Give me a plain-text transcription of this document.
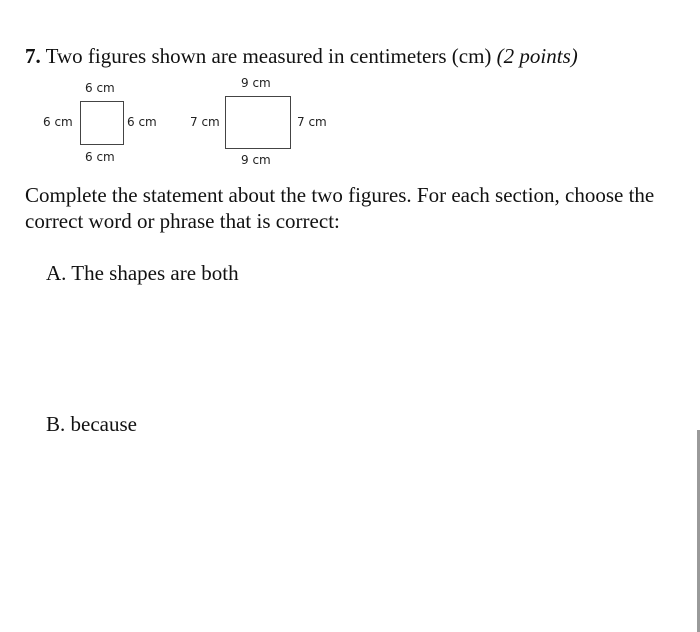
7. Two figures shown are measured in centimeters (cm) (2 points)
6 cm
6 cm	6 cm
6 cm
9 cm
7 cm	7 cm
9 cm
Complete the statement about the two figures. For each section, choose the correct word or phrase that is correct:
A. The shapes are both
B. because
